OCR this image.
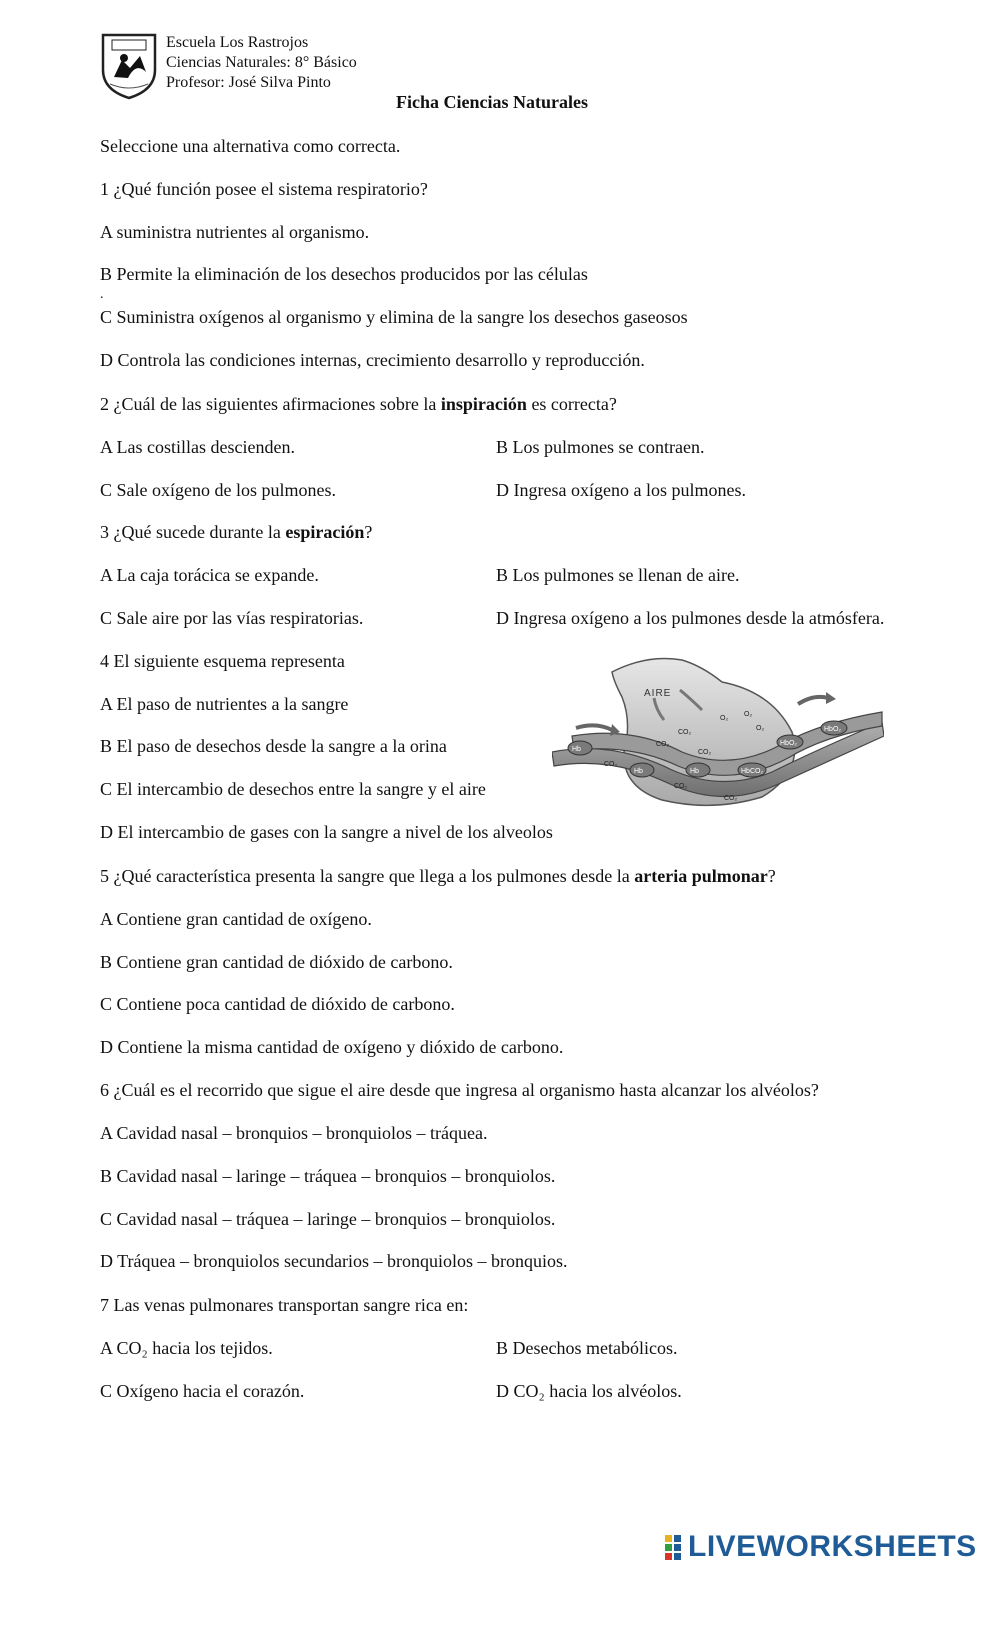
Escuela Los Rastrojos
Ciencias Naturales: 8° Básico
Profesor: José Silva Pinto
Ficha Ciencias Naturales
Seleccione una alternativa como correcta.
1 ¿Qué función posee el sistema respiratorio?
A suministra nutrientes al organismo.
B Permite la eliminación de los desechos producidos por las células
.
C Suministra oxígenos al organismo y elimina de la sangre los desechos gaseosos
D Controla las condiciones internas, crecimiento desarrollo y reproducción.
2 ¿Cuál de las siguientes afirmaciones sobre la inspiración es correcta?
A Las costillas descienden.	B Los pulmones se contraen.
C Sale oxígeno de los pulmones.	D Ingresa oxígeno a los pulmones.
3 ¿Qué sucede durante la espiración?
A La caja torácica se expande.	B Los pulmones se llenan de aire.
C Sale aire por las vías respiratorias.	D Ingresa oxígeno a los pulmones desde la atmósfera.
4 El siguiente esquema representa
A El paso de nutrientes a la sangre
B El paso de desechos desde la sangre a la orina
C El intercambio de desechos entre la sangre y el aire
D El intercambio de gases con la sangre a nivel de los alveolos
AIRE
O₂
O₂
O₂
CO₂
CO₂
CO₂
CO₂
CO₂
CO₂
Hb
Hb	Hb	HbCO₂
HbO₂
HbO₂
5 ¿Qué característica presenta la sangre que llega a los pulmones desde la arteria pulmonar?
A Contiene gran cantidad de oxígeno.
B Contiene gran cantidad de dióxido de carbono.
C Contiene poca cantidad de dióxido de carbono.
D Contiene la misma cantidad de oxígeno y dióxido de carbono.
6 ¿Cuál es el recorrido que sigue el aire desde que ingresa al organismo hasta alcanzar los alvéolos?
A Cavidad nasal – bronquios – bronquiolos – tráquea.
B Cavidad nasal – laringe – tráquea – bronquios – bronquiolos.
C Cavidad nasal – tráquea – laringe – bronquios – bronquiolos.
D Tráquea – bronquiolos secundarios – bronquiolos – bronquios.
7 Las venas pulmonares transportan sangre rica en:
A CO₂ hacia los tejidos.	B Desechos metabólicos.
C Oxígeno hacia el corazón.	D CO₂ hacia los alvéolos.

LIVEWORKSHEETS
